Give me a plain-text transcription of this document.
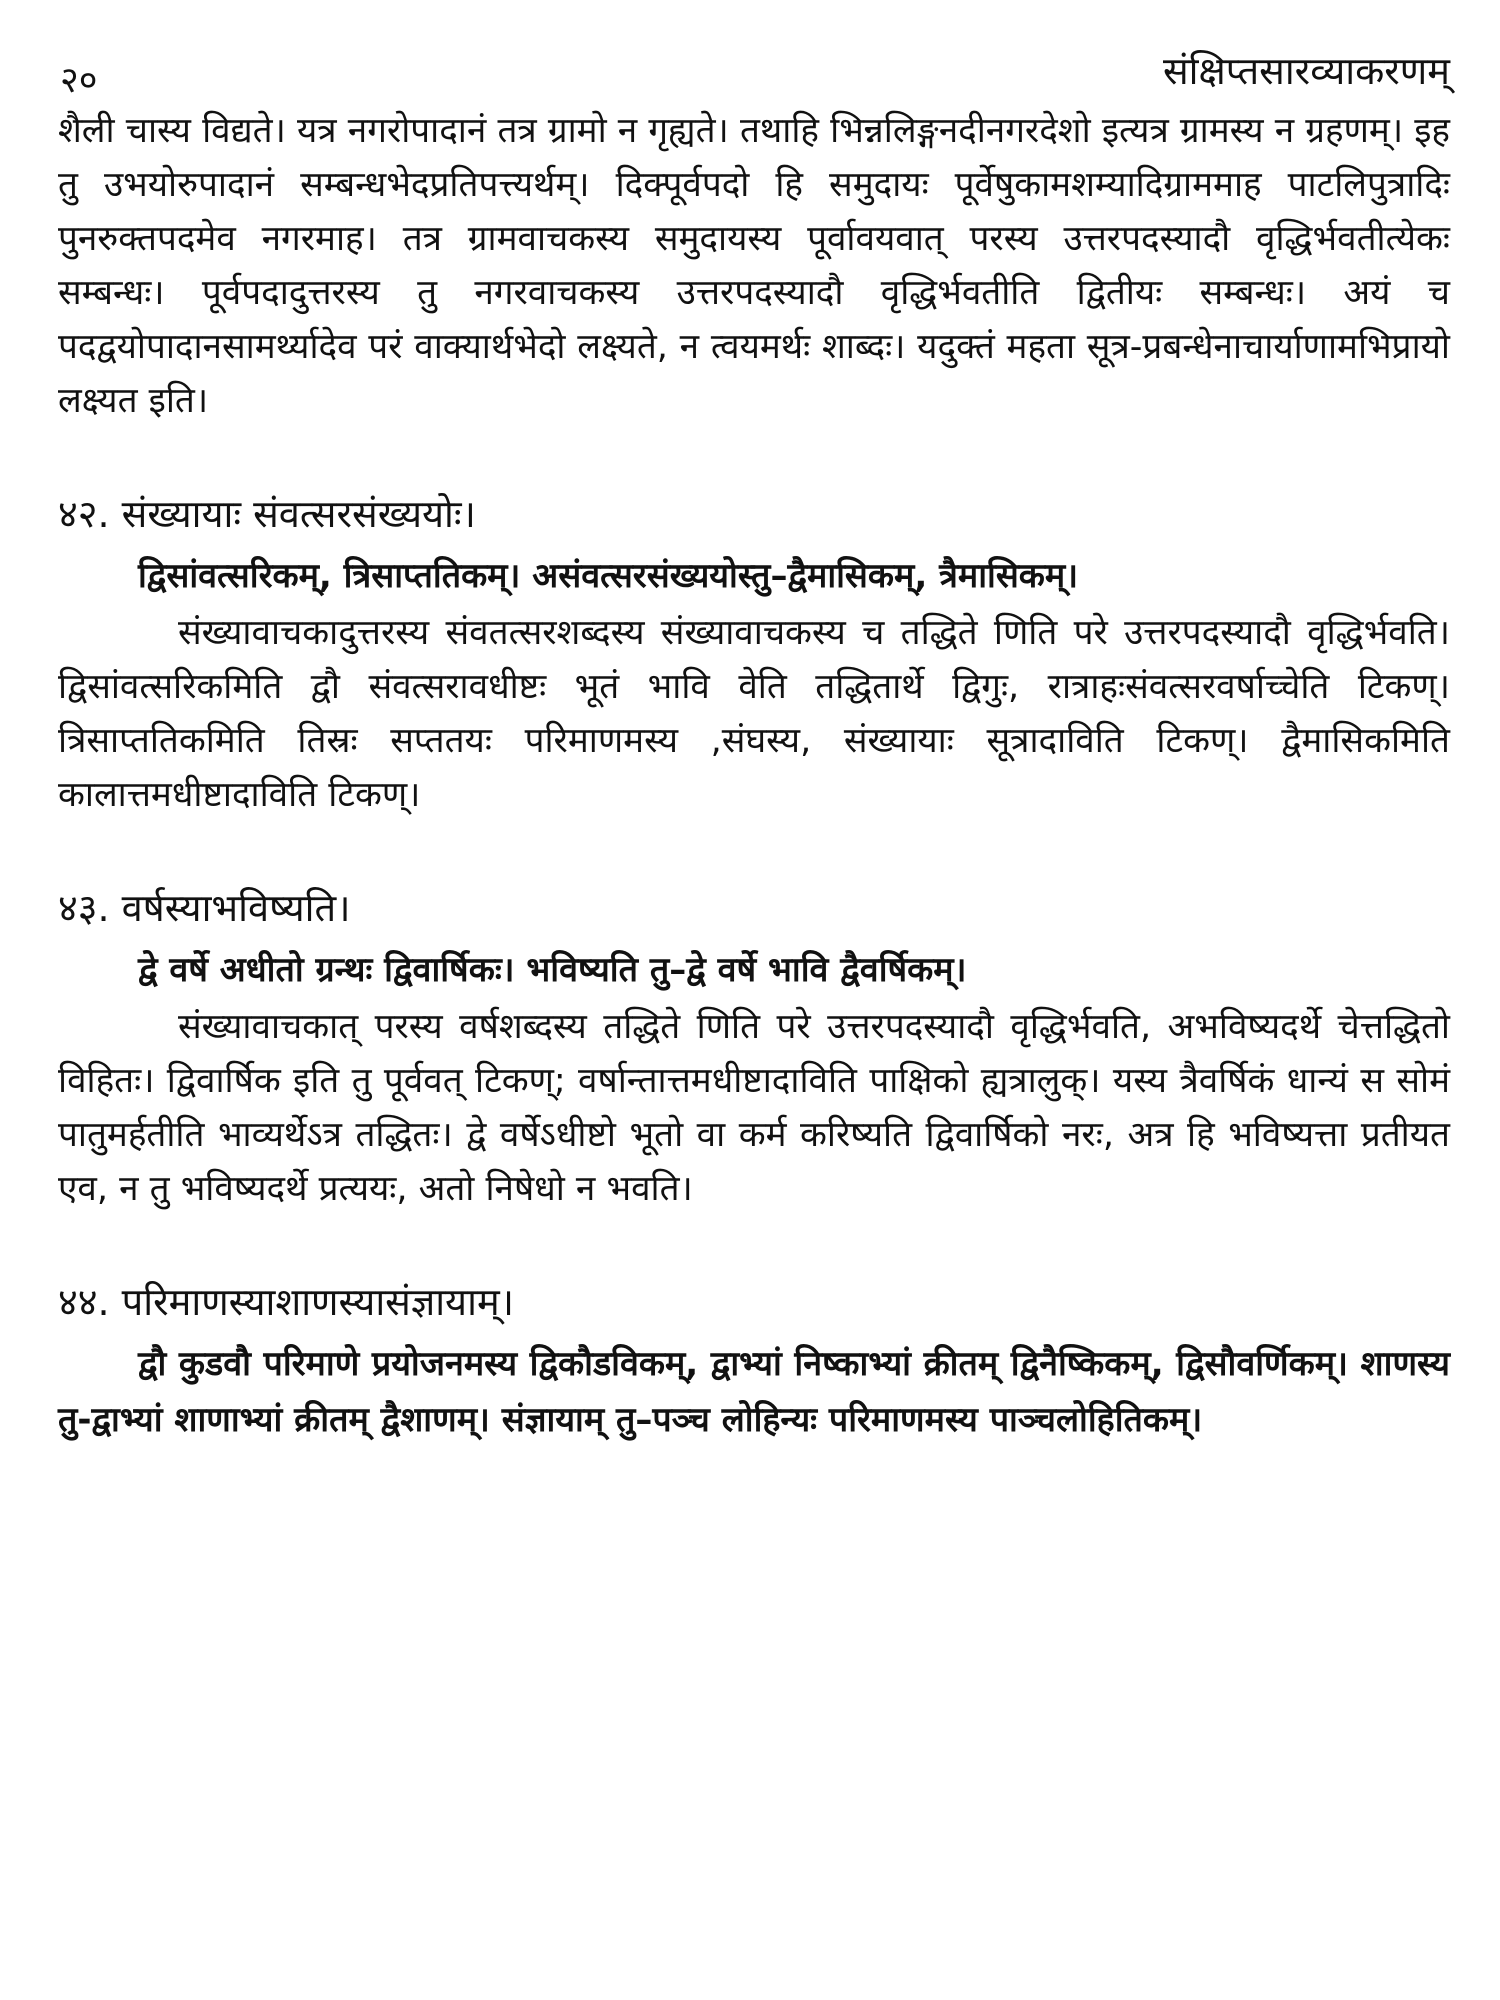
२०	संक्षिप्तसारव्याकरणम्

शैली चास्य विद्यते। यत्र नगरोपादानं तत्र ग्रामो न गृह्यते। तथाहि भिन्नलिङ्गनदीनगरदेशो इत्यत्र ग्रामस्य न ग्रहणम्। इह तु उभयोरुपादानं सम्बन्धभेदप्रतिपत्त्यर्थम्। दिक्पूर्वपदो हि समुदायः पूर्वेषुकामशम्यादिग्राममाह पाटलिपुत्रादिः पुनरुक्तपदमेव नगरमाह। तत्र ग्रामवाचकस्य समुदायस्य पूर्वावयवात् परस्य उत्तरपदस्यादौ वृद्धिर्भवतीत्येकः सम्बन्धः। पूर्वपदादुत्तरस्य तु नगरवाचकस्य उत्तरपदस्यादौ वृद्धिर्भवतीति द्वितीयः सम्बन्धः। अयं च पदद्वयोपादानसामर्थ्यादेव परं वाक्यार्थभेदो लक्ष्यते, न त्वयमर्थः शाब्दः। यदुक्तं महता सूत्र-प्रबन्धेनाचार्याणामभिप्रायो लक्ष्यत इति।

४२. संख्यायाः संवत्सरसंख्ययोः।

द्विसांवत्सरिकम्, त्रिसाप्ततिकम्। असंवत्सरसंख्ययोस्तु–द्वैमासिकम्, त्रैमासिकम्।

संख्यावाचकादुत्तरस्य संवतत्सरशब्दस्य संख्यावाचकस्य च तद्धिते णिति परे उत्तरपदस्यादौ वृद्धिर्भवति। द्विसांवत्सरिकमिति द्वौ संवत्सरावधीष्टः भूतं भावि वेति तद्धितार्थे द्विगुः, रात्राहःसंवत्सरवर्षाच्चेति टिकण्। त्रिसाप्ततिकमिति तिस्रः सप्ततयः परिमाणमस्य ,संघस्य, संख्यायाः सूत्रादाविति टिकण्। द्वैमासिकमिति कालात्तमधीष्टादाविति टिकण्।

४३. वर्षस्याभविष्यति।

द्वे वर्षे अधीतो ग्रन्थः द्विवार्षिकः। भविष्यति तु–द्वे वर्षे भावि द्वैवर्षिकम्।

संख्यावाचकात् परस्य वर्षशब्दस्य तद्धिते णिति परे उत्तरपदस्यादौ वृद्धिर्भवति, अभविष्यदर्थे चेत्तद्धितो विहितः। द्विवार्षिक इति तु पूर्ववत् टिकण्; वर्षान्तात्तमधीष्टादाविति पाक्षिको ह्यत्रालुक्। यस्य त्रैवर्षिकं धान्यं स सोमं पातुमर्हतीति भाव्यर्थेऽत्र तद्धितः। द्वे वर्षेऽधीष्टो भूतो वा कर्म करिष्यति द्विवार्षिको नरः, अत्र हि भविष्यत्ता प्रतीयत एव, न तु भविष्यदर्थे प्रत्ययः, अतो निषेधो न भवति।

४४. परिमाणस्याशाणस्यासंज्ञायाम्।

द्वौ कुडवौ परिमाणे प्रयोजनमस्य द्विकौडविकम्, द्वाभ्यां निष्काभ्यां क्रीतम् द्विनैष्किकम्, द्विसौवर्णिकम्। शाणस्य तु-द्वाभ्यां शाणाभ्यां क्रीतम् द्वैशाणम्। संज्ञायाम् तु–पञ्च लोहिन्यः परिमाणमस्य पाञ्चलोहितिकम्।
